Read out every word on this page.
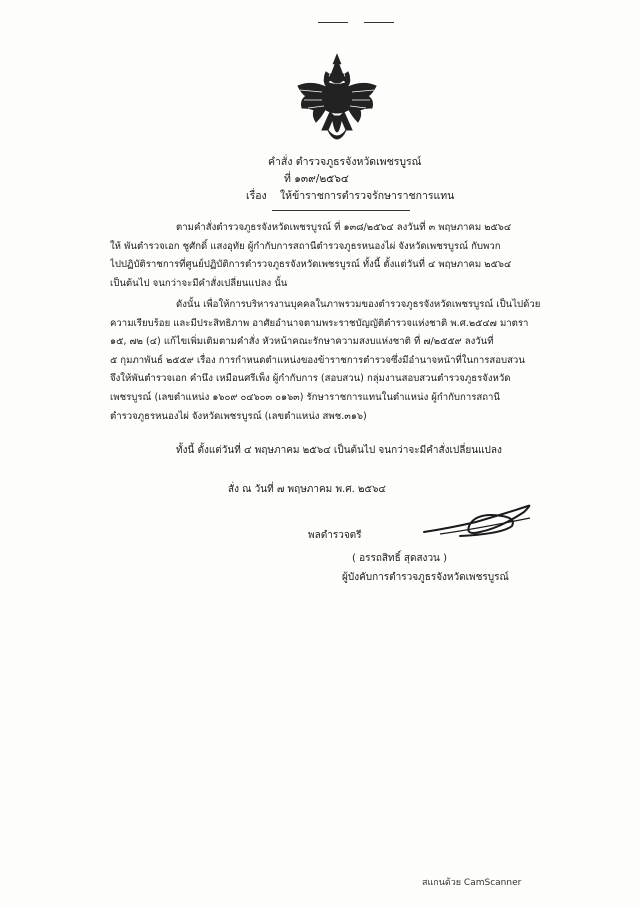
คำสั่ง ตำรวจภูธรจังหวัดเพชรบูรณ์
ที่ ๑๓๙/๒๕๖๔
เรื่อง ให้ข้าราชการตำรวจรักษาราชการแทน
ตามคำสั่งตำรวจภูธรจังหวัดเพชรบูรณ์ ที่ ๑๓๘/๒๕๖๔ ลงวันที่ ๓ พฤษภาคม ๒๕๖๔
ให้ พันตำรวจเอก ชูศักดิ์ แสงอุทัย ผู้กำกับการสถานีตำรวจภูธรหนองไผ่ จังหวัดเพชรบูรณ์ กับพวก
ไปปฏิบัติราชการที่ศูนย์ปฏิบัติการตำรวจภูธรจังหวัดเพชรบูรณ์ ทั้งนี้ ตั้งแต่วันที่ ๔ พฤษภาคม ๒๕๖๔
เป็นต้นไป จนกว่าจะมีคำสั่งเปลี่ยนแปลง นั้น
ดังนั้น เพื่อให้การบริหารงานบุคคลในภาพรวมของตำรวจภูธรจังหวัดเพชรบูรณ์ เป็นไปด้วย
ความเรียบร้อย และมีประสิทธิภาพ อาศัยอำนาจตามพระราชบัญญัติตำรวจแห่งชาติ พ.ศ.๒๕๔๗ มาตรา
๑๕, ๗๒ (๔) แก้ไขเพิ่มเติมตามคำสั่ง หัวหน้าคณะรักษาความสงบแห่งชาติ ที่ ๗/๒๕๕๙ ลงวันที่
๕ กุมภาพันธ์ ๒๕๕๙ เรื่อง การกำหนดตำแหน่งของข้าราชการตำรวจซึ่งมีอำนาจหน้าที่ในการสอบสวน
จึงให้พันตำรวจเอก คำนึง เหมือนศรีเพ็ง ผู้กำกับการ (สอบสวน) กลุ่มงานสอบสวนตำรวจภูธรจังหวัด
เพชรบูรณ์ (เลขตำแหน่ง ๑๖๐๙ ๐๔๖๐๓ ๐๑๖๓) รักษาราชการแทนในตำแหน่ง ผู้กำกับการสถานี
ตำรวจภูธรหนองไผ่ จังหวัดเพชรบูรณ์ (เลขตำแหน่ง สพช.๓๑๖)
ทั้งนี้ ตั้งแต่วันที่ ๔ พฤษภาคม ๒๕๖๔ เป็นต้นไป จนกว่าจะมีคำสั่งเปลี่ยนแปลง
สั่ง ณ วันที่ ๗ พฤษภาคม พ.ศ. ๒๕๖๔
พลตำรวจตรี
( อรรถสิทธิ์ สุดสงวน )
ผู้บังคับการตำรวจภูธรจังหวัดเพชรบูรณ์
สแกนด้วย CamScanner
